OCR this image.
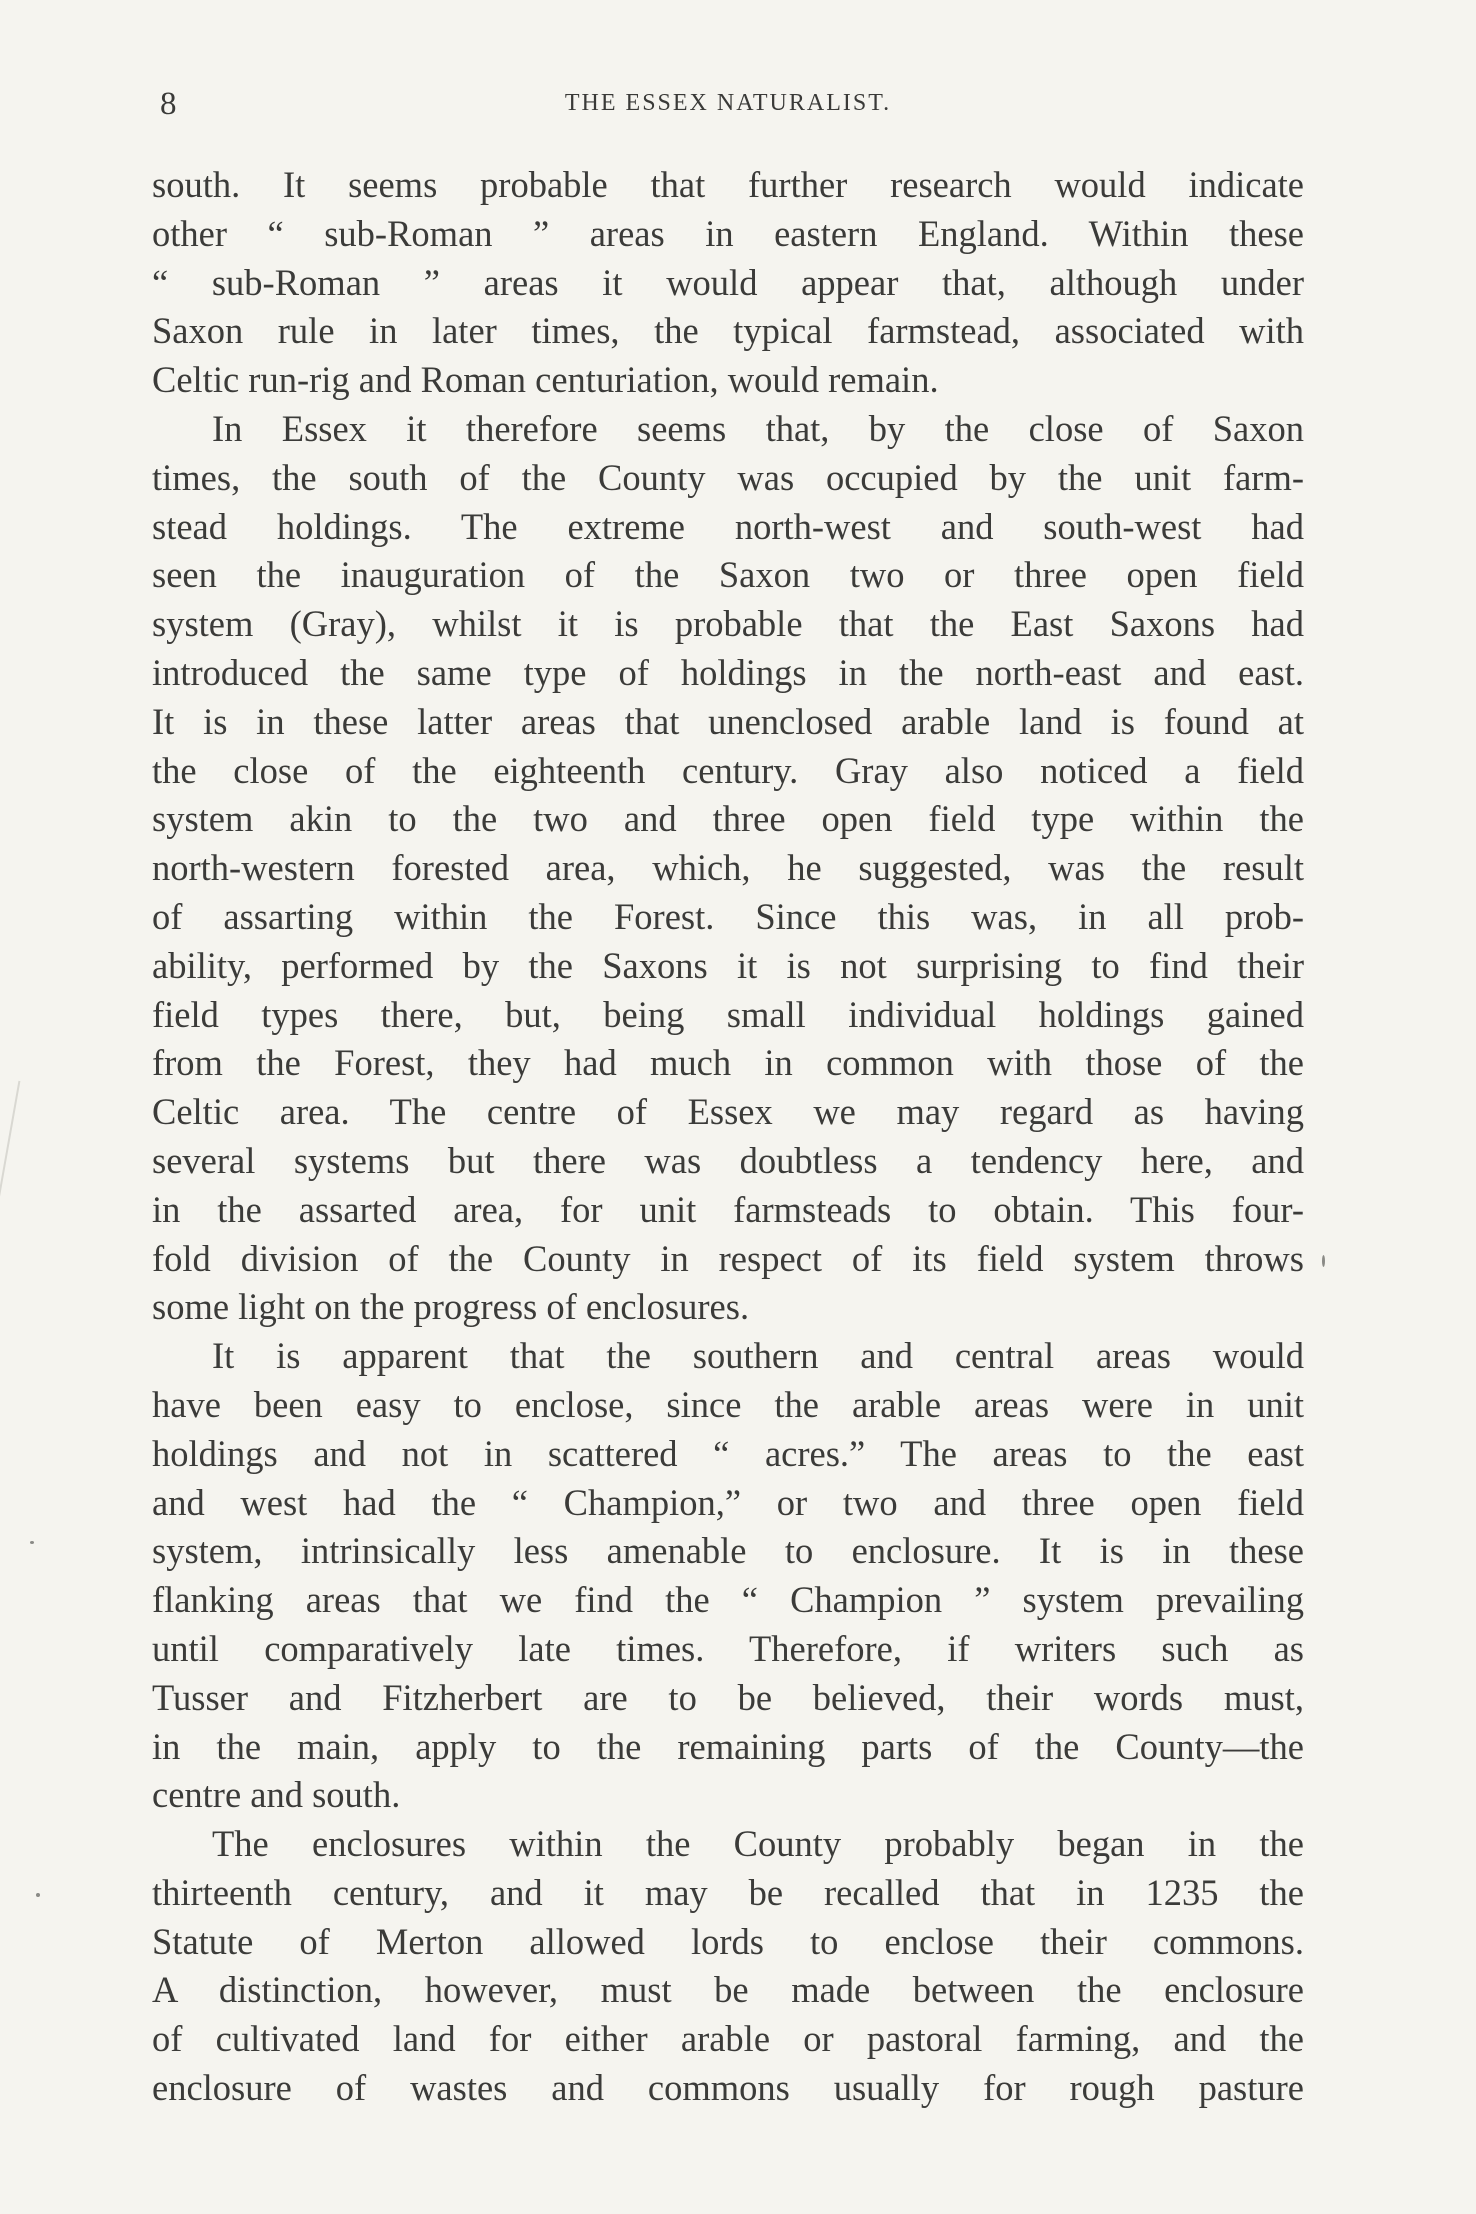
8	THE ESSEX NATURALIST.
south. It seems probable that further research would indicate
other “ sub-Roman ” areas in eastern England. Within these
“ sub-Roman ” areas it would appear that, although under
Saxon rule in later times, the typical farmstead, associated with
Celtic run-rig and Roman centuriation, would remain.
In Essex it therefore seems that, by the close of Saxon
times, the south of the County was occupied by the unit farm-
stead holdings. The extreme north-west and south-west had
seen the inauguration of the Saxon two or three open field
system (Gray), whilst it is probable that the East Saxons had
introduced the same type of holdings in the north-east and east.
It is in these latter areas that unenclosed arable land is found at
the close of the eighteenth century. Gray also noticed a field
system akin to the two and three open field type within the
north-western forested area, which, he suggested, was the result
of assarting within the Forest. Since this was, in all prob-
ability, performed by the Saxons it is not surprising to find their
field types there, but, being small individual holdings gained
from the Forest, they had much in common with those of the
Celtic area. The centre of Essex we may regard as having
several systems but there was doubtless a tendency here, and
in the assarted area, for unit farmsteads to obtain. This four-
fold division of the County in respect of its field system throws
some light on the progress of enclosures.
It is apparent that the southern and central areas would
have been easy to enclose, since the arable areas were in unit
holdings and not in scattered “ acres.” The areas to the east
and west had the “ Champion,” or two and three open field
system, intrinsically less amenable to enclosure. It is in these
flanking areas that we find the “ Champion ” system prevailing
until comparatively late times. Therefore, if writers such as
Tusser and Fitzherbert are to be believed, their words must,
in the main, apply to the remaining parts of the County—the
centre and south.
The enclosures within the County probably began in the
thirteenth century, and it may be recalled that in 1235 the
Statute of Merton allowed lords to enclose their commons.
A distinction, however, must be made between the enclosure
of cultivated land for either arable or pastoral farming, and the
enclosure of wastes and commons usually for rough pasture
